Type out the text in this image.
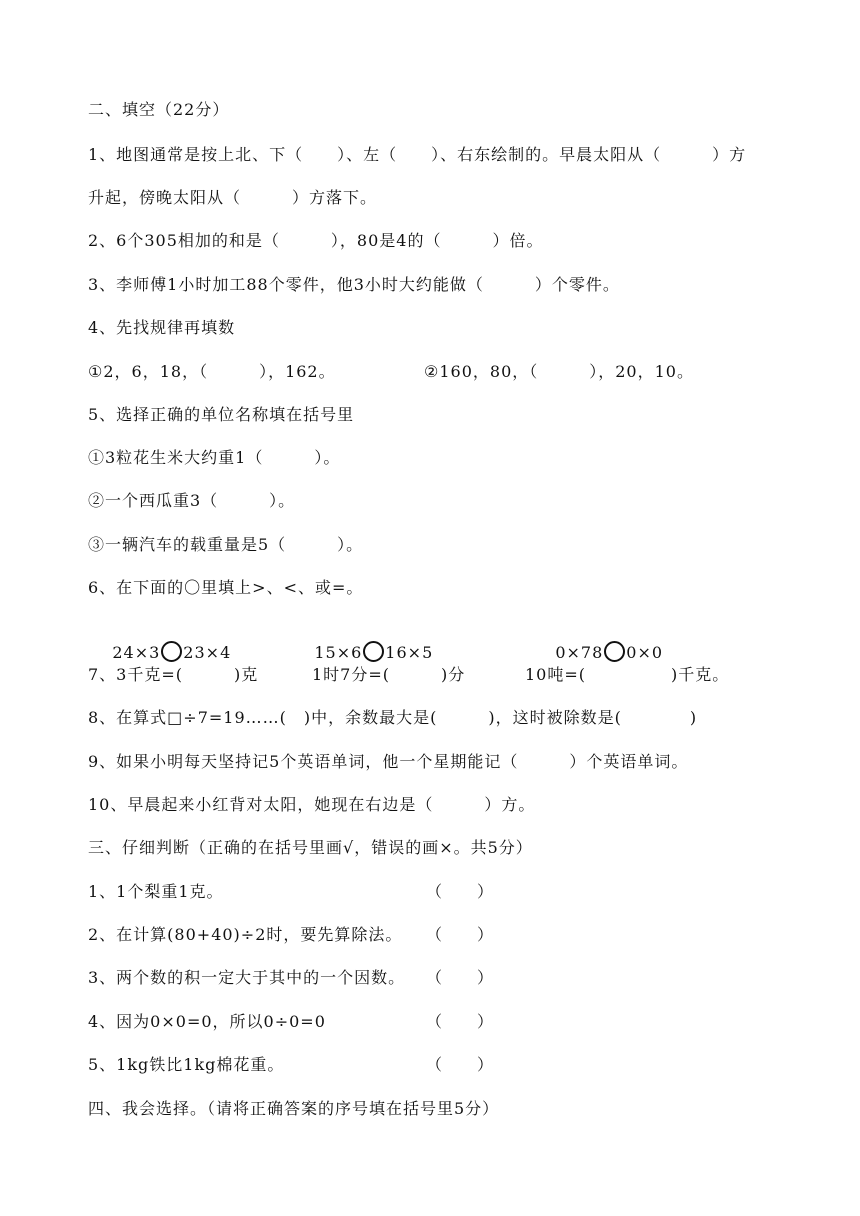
二、填空（22分）
1、地图通常是按上北、下（　　）、左（　　）、右东绘制的。早晨太阳从（　　　）方
升起，傍晚太阳从（　　　）方落下。
2、6个305相加的和是（　　　），80是4的（　　　）倍。
3、李师傅1小时加工88个零件，他3小时大约能做（　　　）个零件。
4、先找规律再填数
①2，6，18，（　　　），162。	②160，80，（　　　），20，10。
5、选择正确的单位名称填在括号里
①3粒花生米大约重1（　　　）。
②一个西瓜重3（　　　）。
③一辆汽车的载重量是5（　　　）。
6、在下面的〇里填上>、<、或=。

24×3 23×4
	15×6 16×5
	0×78 0×0

7、3千克=(　　　)克	1时7分=(　　　)分	10吨=(　　　　　)千克。
8、在算式□÷7=19……(　)中，余数最大是(　　　)，这时被除数是(　　　　)
9、如果小明每天坚持记5个英语单词，他一个星期能记（　　　）个英语单词。
10、早晨起来小红背对太阳，她现在右边是（　　　）方。
三、仔细判断（正确的在括号里画√，错误的画×。共5分）
1、1个梨重1克。	（　　）
2、在计算(80+40)÷2时，要先算除法。 （　　）
3、两个数的积一定大于其中的一个因数。 （　　）
4、因为0×0=0，所以0÷0=0	（　　）
5、1kg铁比1kg棉花重。	（　　）
四、我会选择。（请将正确答案的序号填在括号里5分）
